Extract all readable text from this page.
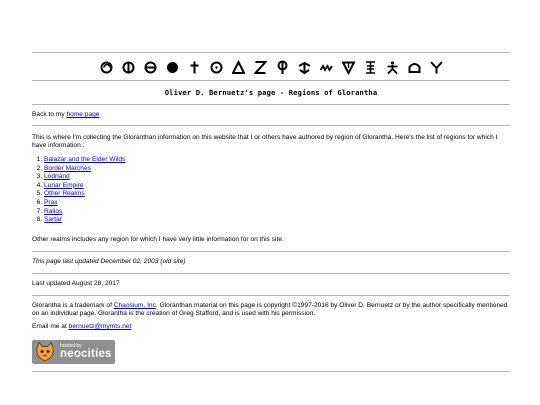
Oliver D. Bernuetz's page - Regions of Glorantha
Back to my home page
This is where I'm collecting the Gloranthan information on this website that I or others have authored by region of Glorantha. Here's the list of regions for which I have information :
1. Balazar and the Elder Wilds
2. Border Marches
3. Lodrland
4. Lunar Empire
5. Other Realms
6. Prax
7. Ralios
8. Sartar
Other realms includes any region for which I have very little information for on this site.
This page last updated December 02, 2003 (old site)
Last updated August 28, 2017
Glorantha is a trademark of Chaosium, Inc. Gloranthan material on this page is copyright ©1997-2016 by Oliver D. Bernuetz or by the author specifically mentioned on an individual page. Glorantha is the creation of Greg Stafford, and is used with his permission.
Email me at bernuetz@mymts.net
hosted by
neocities
